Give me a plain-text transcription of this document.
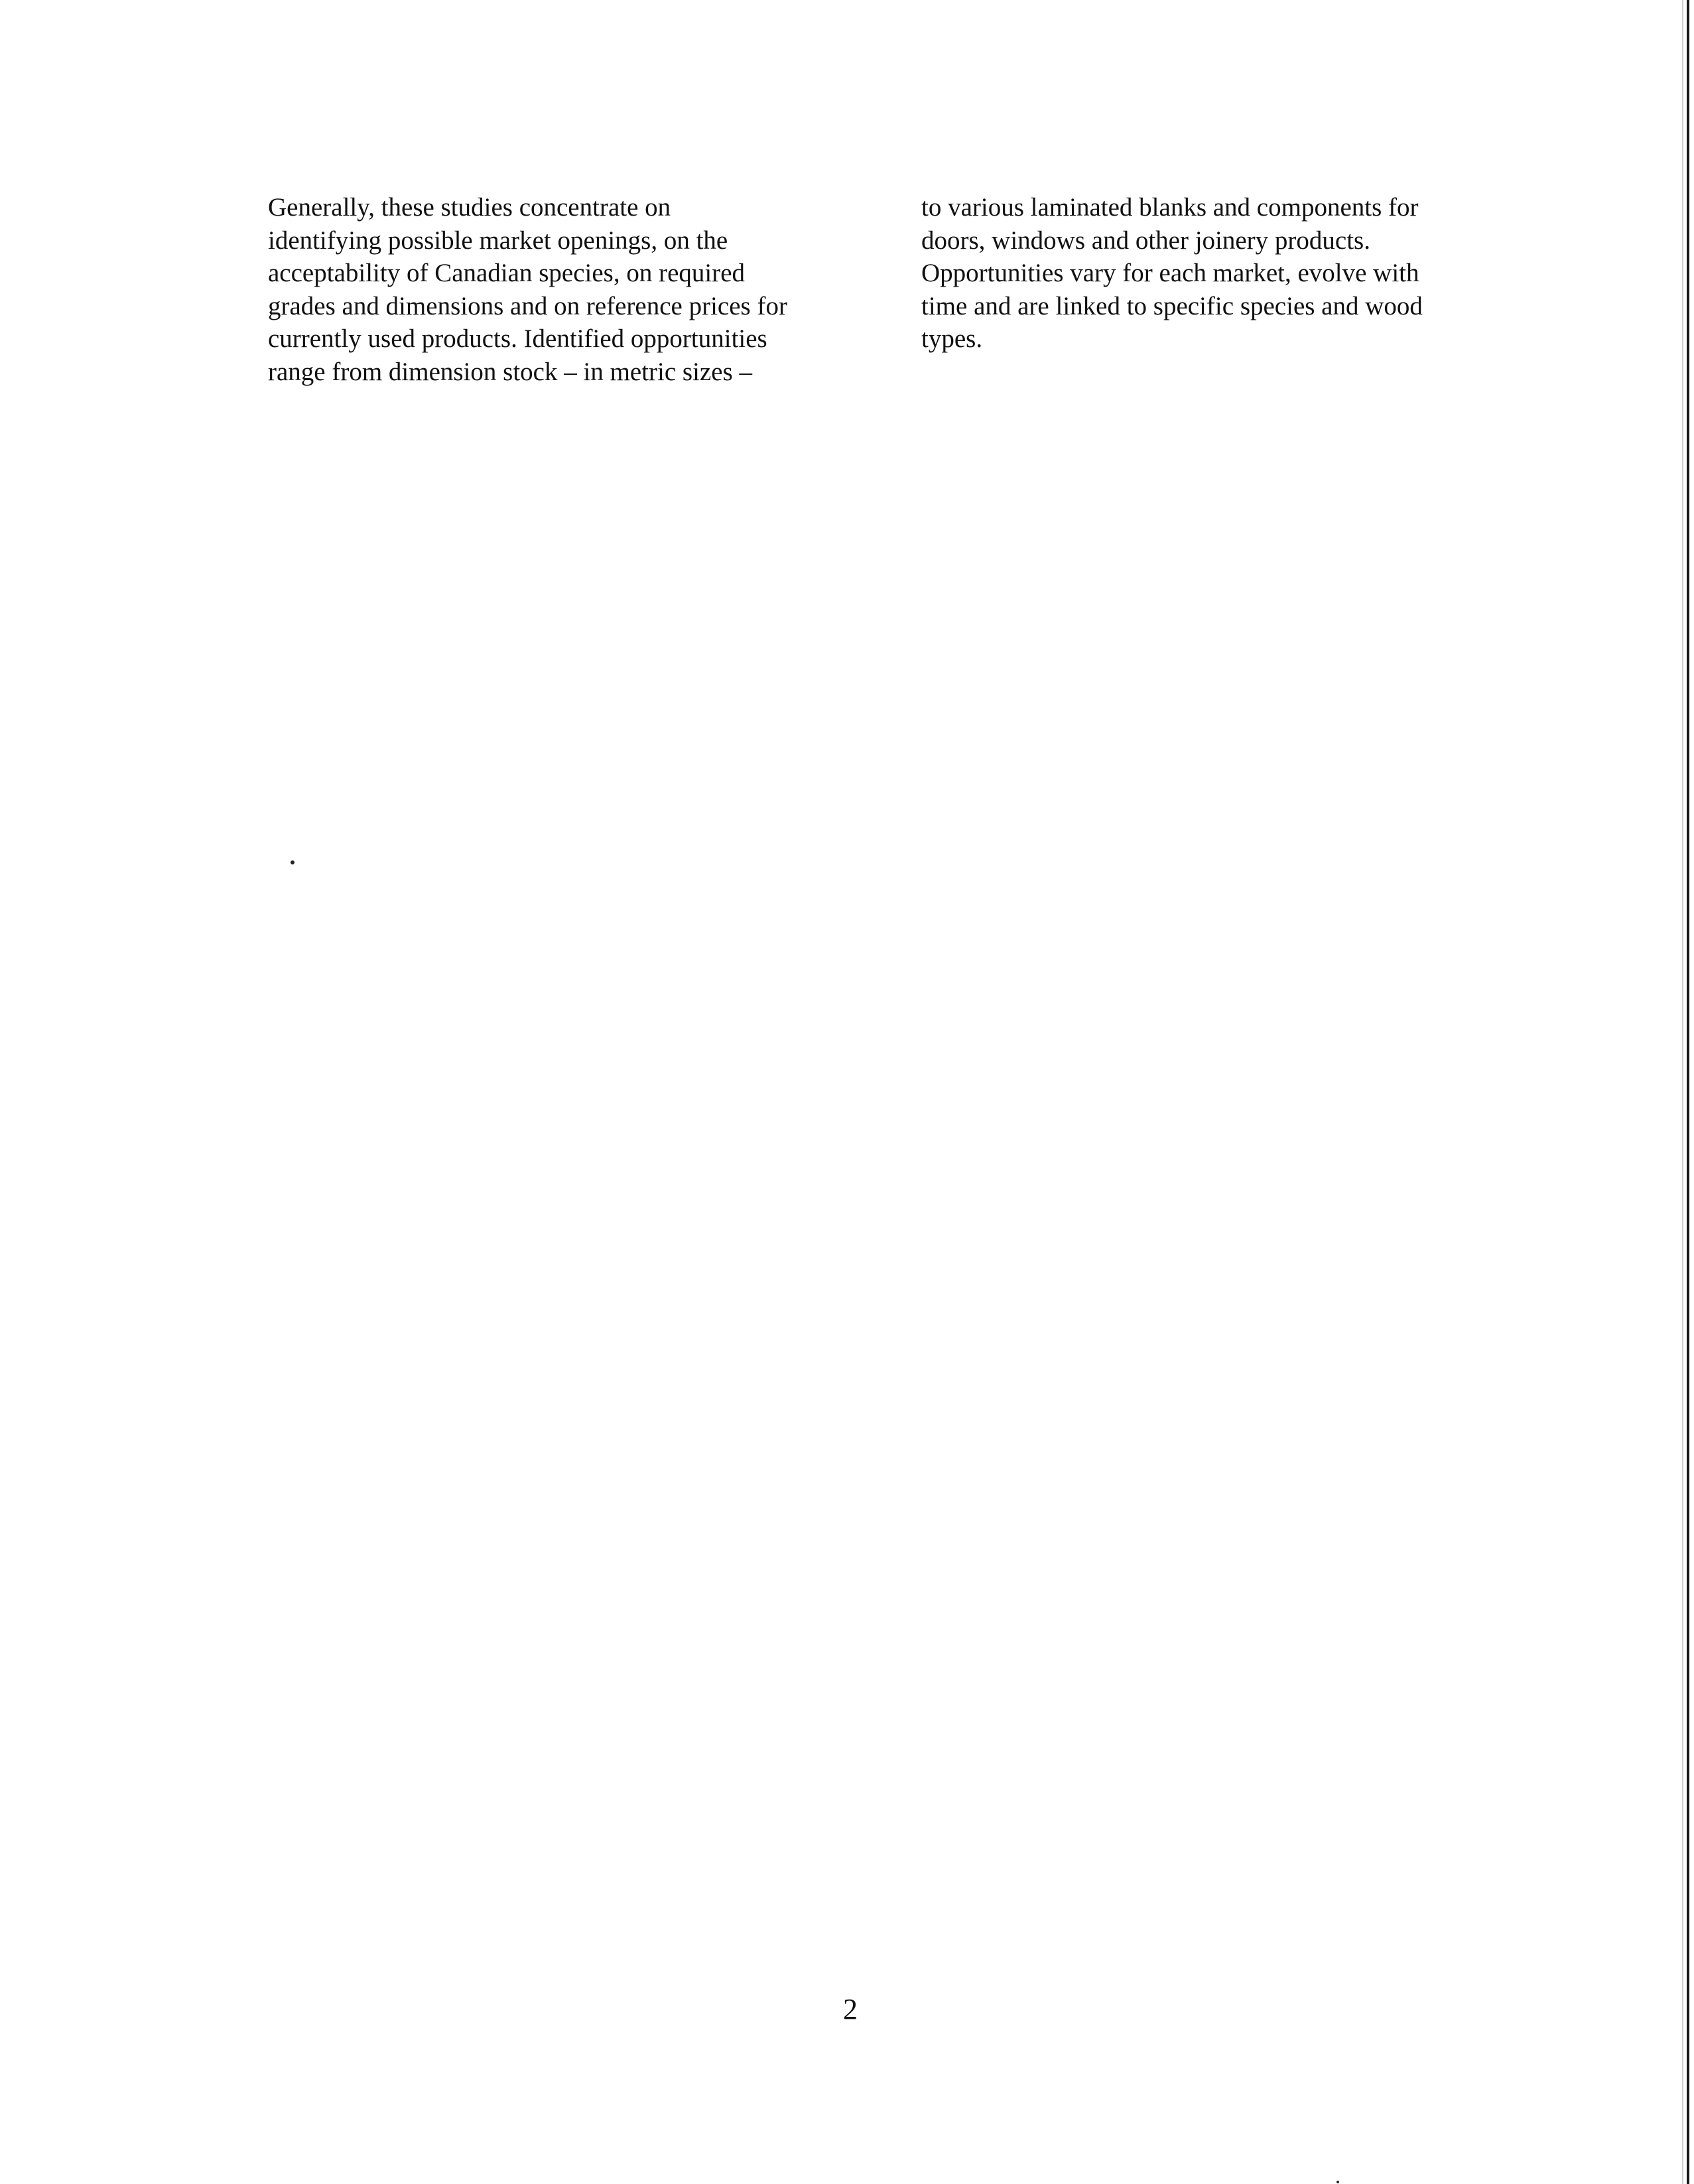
Generally, these studies concentrate on
identifying possible market openings, on the
acceptability of Canadian species, on required
grades and dimensions and on reference prices for
currently used products. Identified opportunities
range from dimension stock – in metric sizes –
to various laminated blanks and components for
doors, windows and other joinery products.
Opportunities vary for each market, evolve with
time and are linked to specific species and wood
types.
2
